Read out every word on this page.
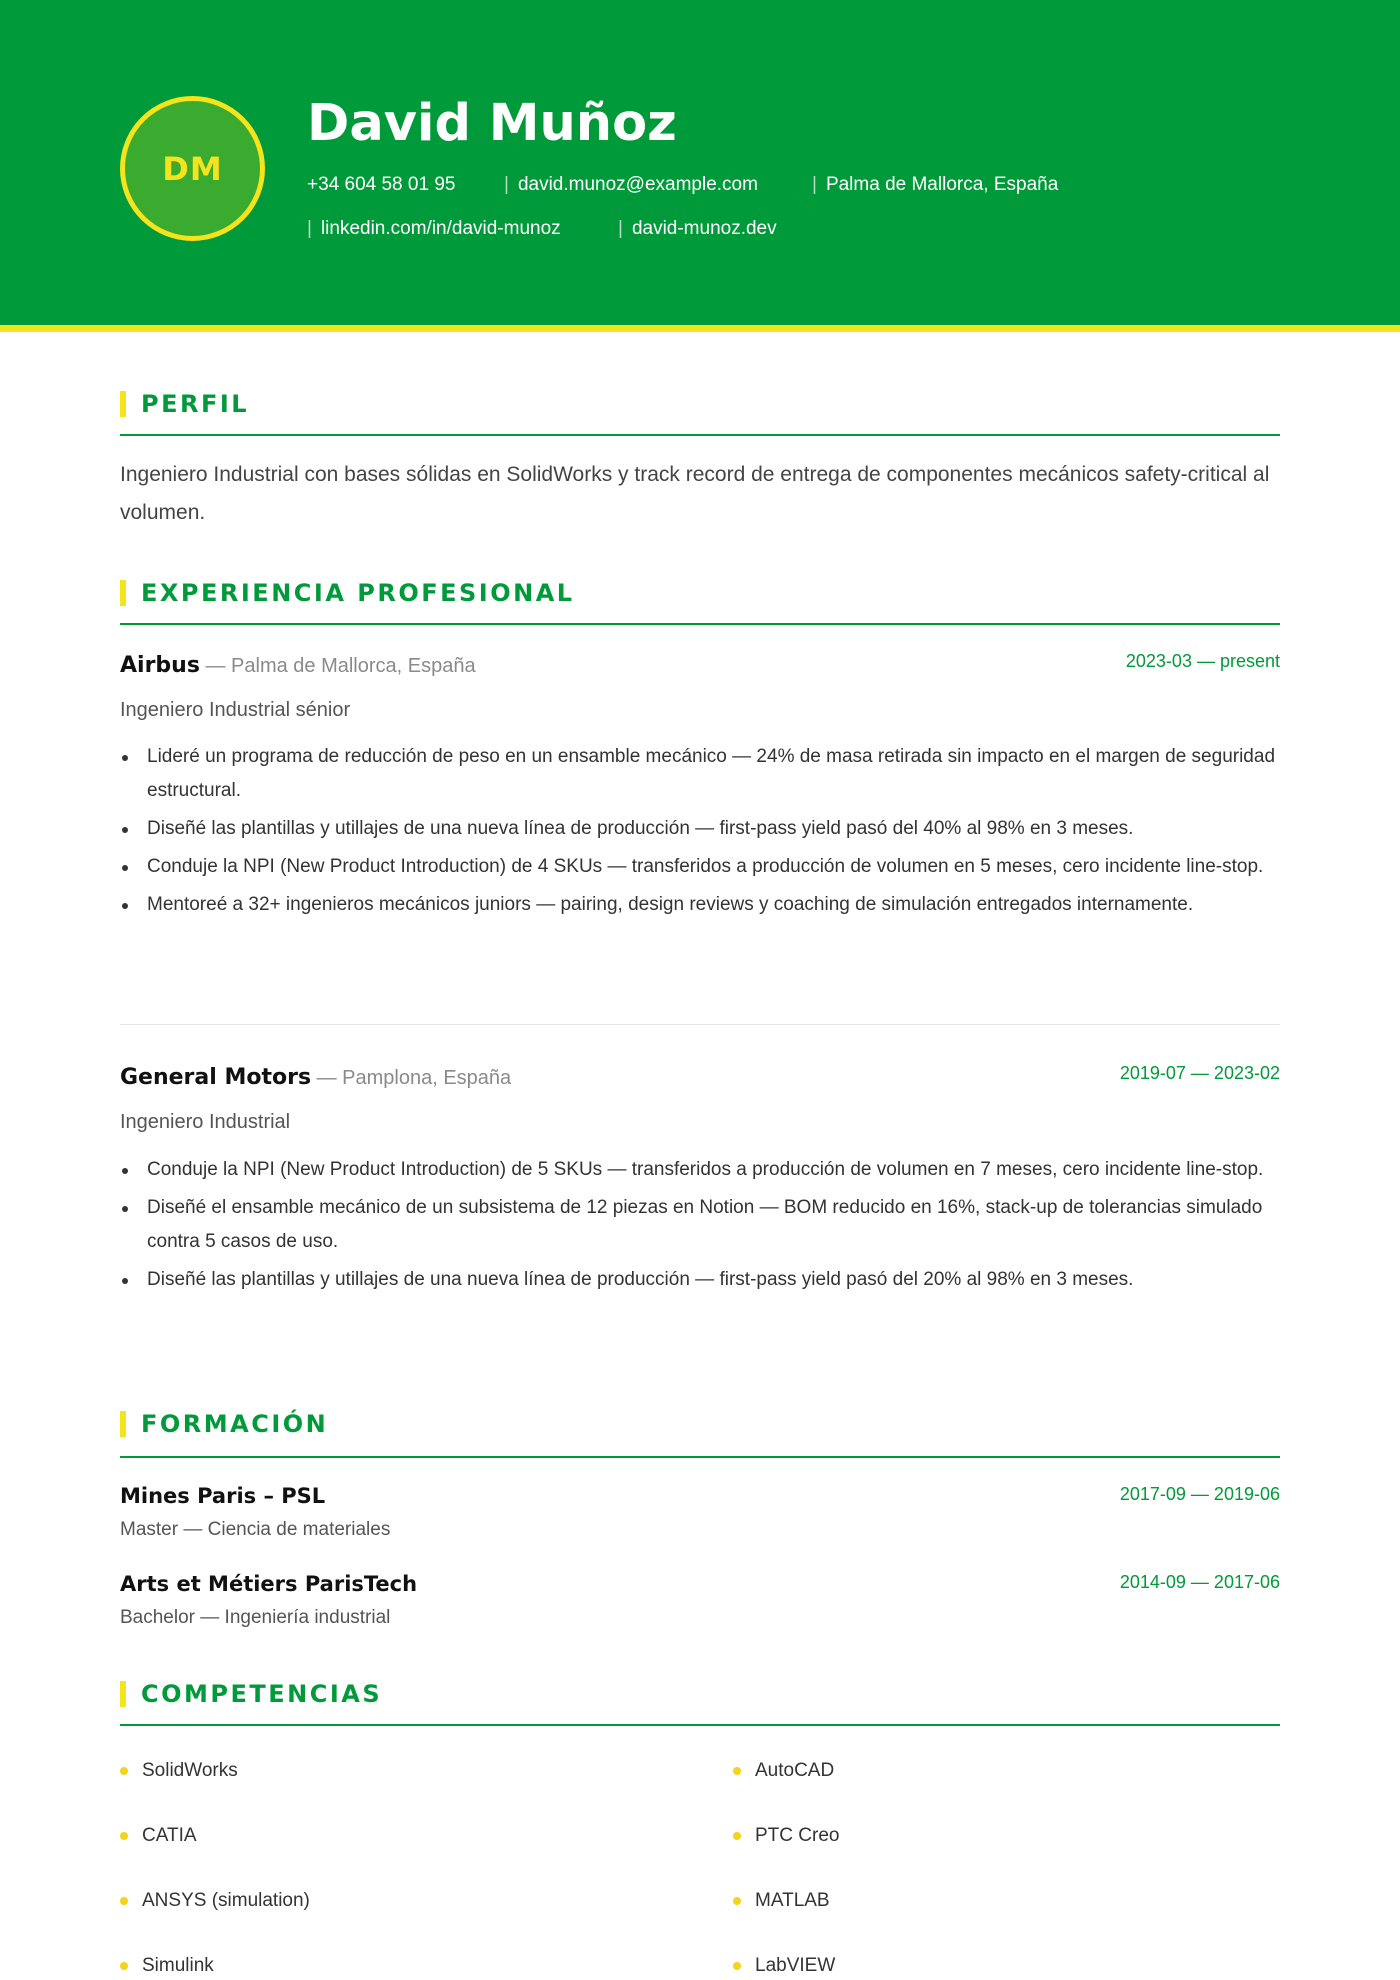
DM
David Muñoz
+34 604 58 01 95	| david.munoz@example.com	| Palma de Mallorca, España
| linkedin.com/in/david-munoz	| david-munoz.dev
PERFIL
Ingeniero Industrial con bases sólidas en SolidWorks y track record de entrega de componentes mecánicos safety-critical al volumen.
EXPERIENCIA PROFESIONAL
Airbus — Palma de Mallorca, España	2023-03 — present
Ingeniero Industrial sénior
Lideré un programa de reducción de peso en un ensamble mecánico — 24% de masa retirada sin impacto en el margen de seguridad estructural.
Diseñé las plantillas y utillajes de una nueva línea de producción — first-pass yield pasó del 40% al 98% en 3 meses.
Conduje la NPI (New Product Introduction) de 4 SKUs — transferidos a producción de volumen en 5 meses, cero incidente line-stop.
Mentoreé a 32+ ingenieros mecánicos juniors — pairing, design reviews y coaching de simulación entregados internamente.
General Motors — Pamplona, España	2019-07 — 2023-02
Ingeniero Industrial
Conduje la NPI (New Product Introduction) de 5 SKUs — transferidos a producción de volumen en 7 meses, cero incidente line-stop.
Diseñé el ensamble mecánico de un subsistema de 12 piezas en Notion — BOM reducido en 16%, stack-up de tolerancias simulado contra 5 casos de uso.
Diseñé las plantillas y utillajes de una nueva línea de producción — first-pass yield pasó del 20% al 98% en 3 meses.
FORMACIÓN
Mines Paris – PSL	2017-09 — 2019-06
Master — Ciencia de materiales
Arts et Métiers ParisTech	2014-09 — 2017-06
Bachelor — Ingeniería industrial
COMPETENCIAS
SolidWorks	AutoCAD
CATIA	PTC Creo
ANSYS (simulation)	MATLAB
Simulink	LabVIEW
